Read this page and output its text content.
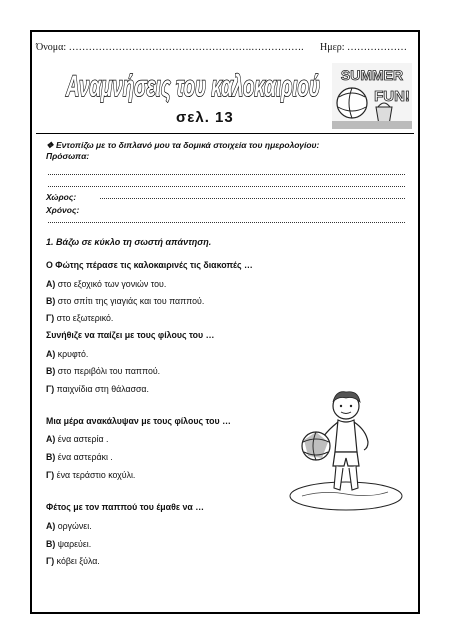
Όνομα: ……………………………………………….……………. Ημερ: ………………
Αναμνήσεις του καλοκαιριού
σελ. 13
SUMMER
FUN!
❖ Εντοπίζω με το διπλανό μου τα δομικά στοιχεία του ημερολογίου:
Πρόσωπα:
Χώρος:
Χρόνος:
1. Βάζω σε κύκλο τη σωστή απάντηση.
Ο Φώτης πέρασε τις καλοκαιρινές τις διακοπές …
Α) στο εξοχικό των γονιών του.
Β) στο σπίτι της γιαγιάς και του παππού.
Γ) στο εξωτερικό.
Συνήθιζε να παίζει με τους φίλους του …
Α) κρυφτό.
Β) στο περιβόλι του παππού.
Γ) παιχνίδια στη θάλασσα.
Μια μέρα ανακάλυψαν με τους φίλους του …
Α) ένα αστερία .
Β) ένα αστεράκι .
Γ) ένα τεράστιο κοχύλι.
Φέτος με τον παππού του έμαθε να …
Α) οργώνει.
Β) ψαρεύει.
Γ) κόβει ξύλα.
